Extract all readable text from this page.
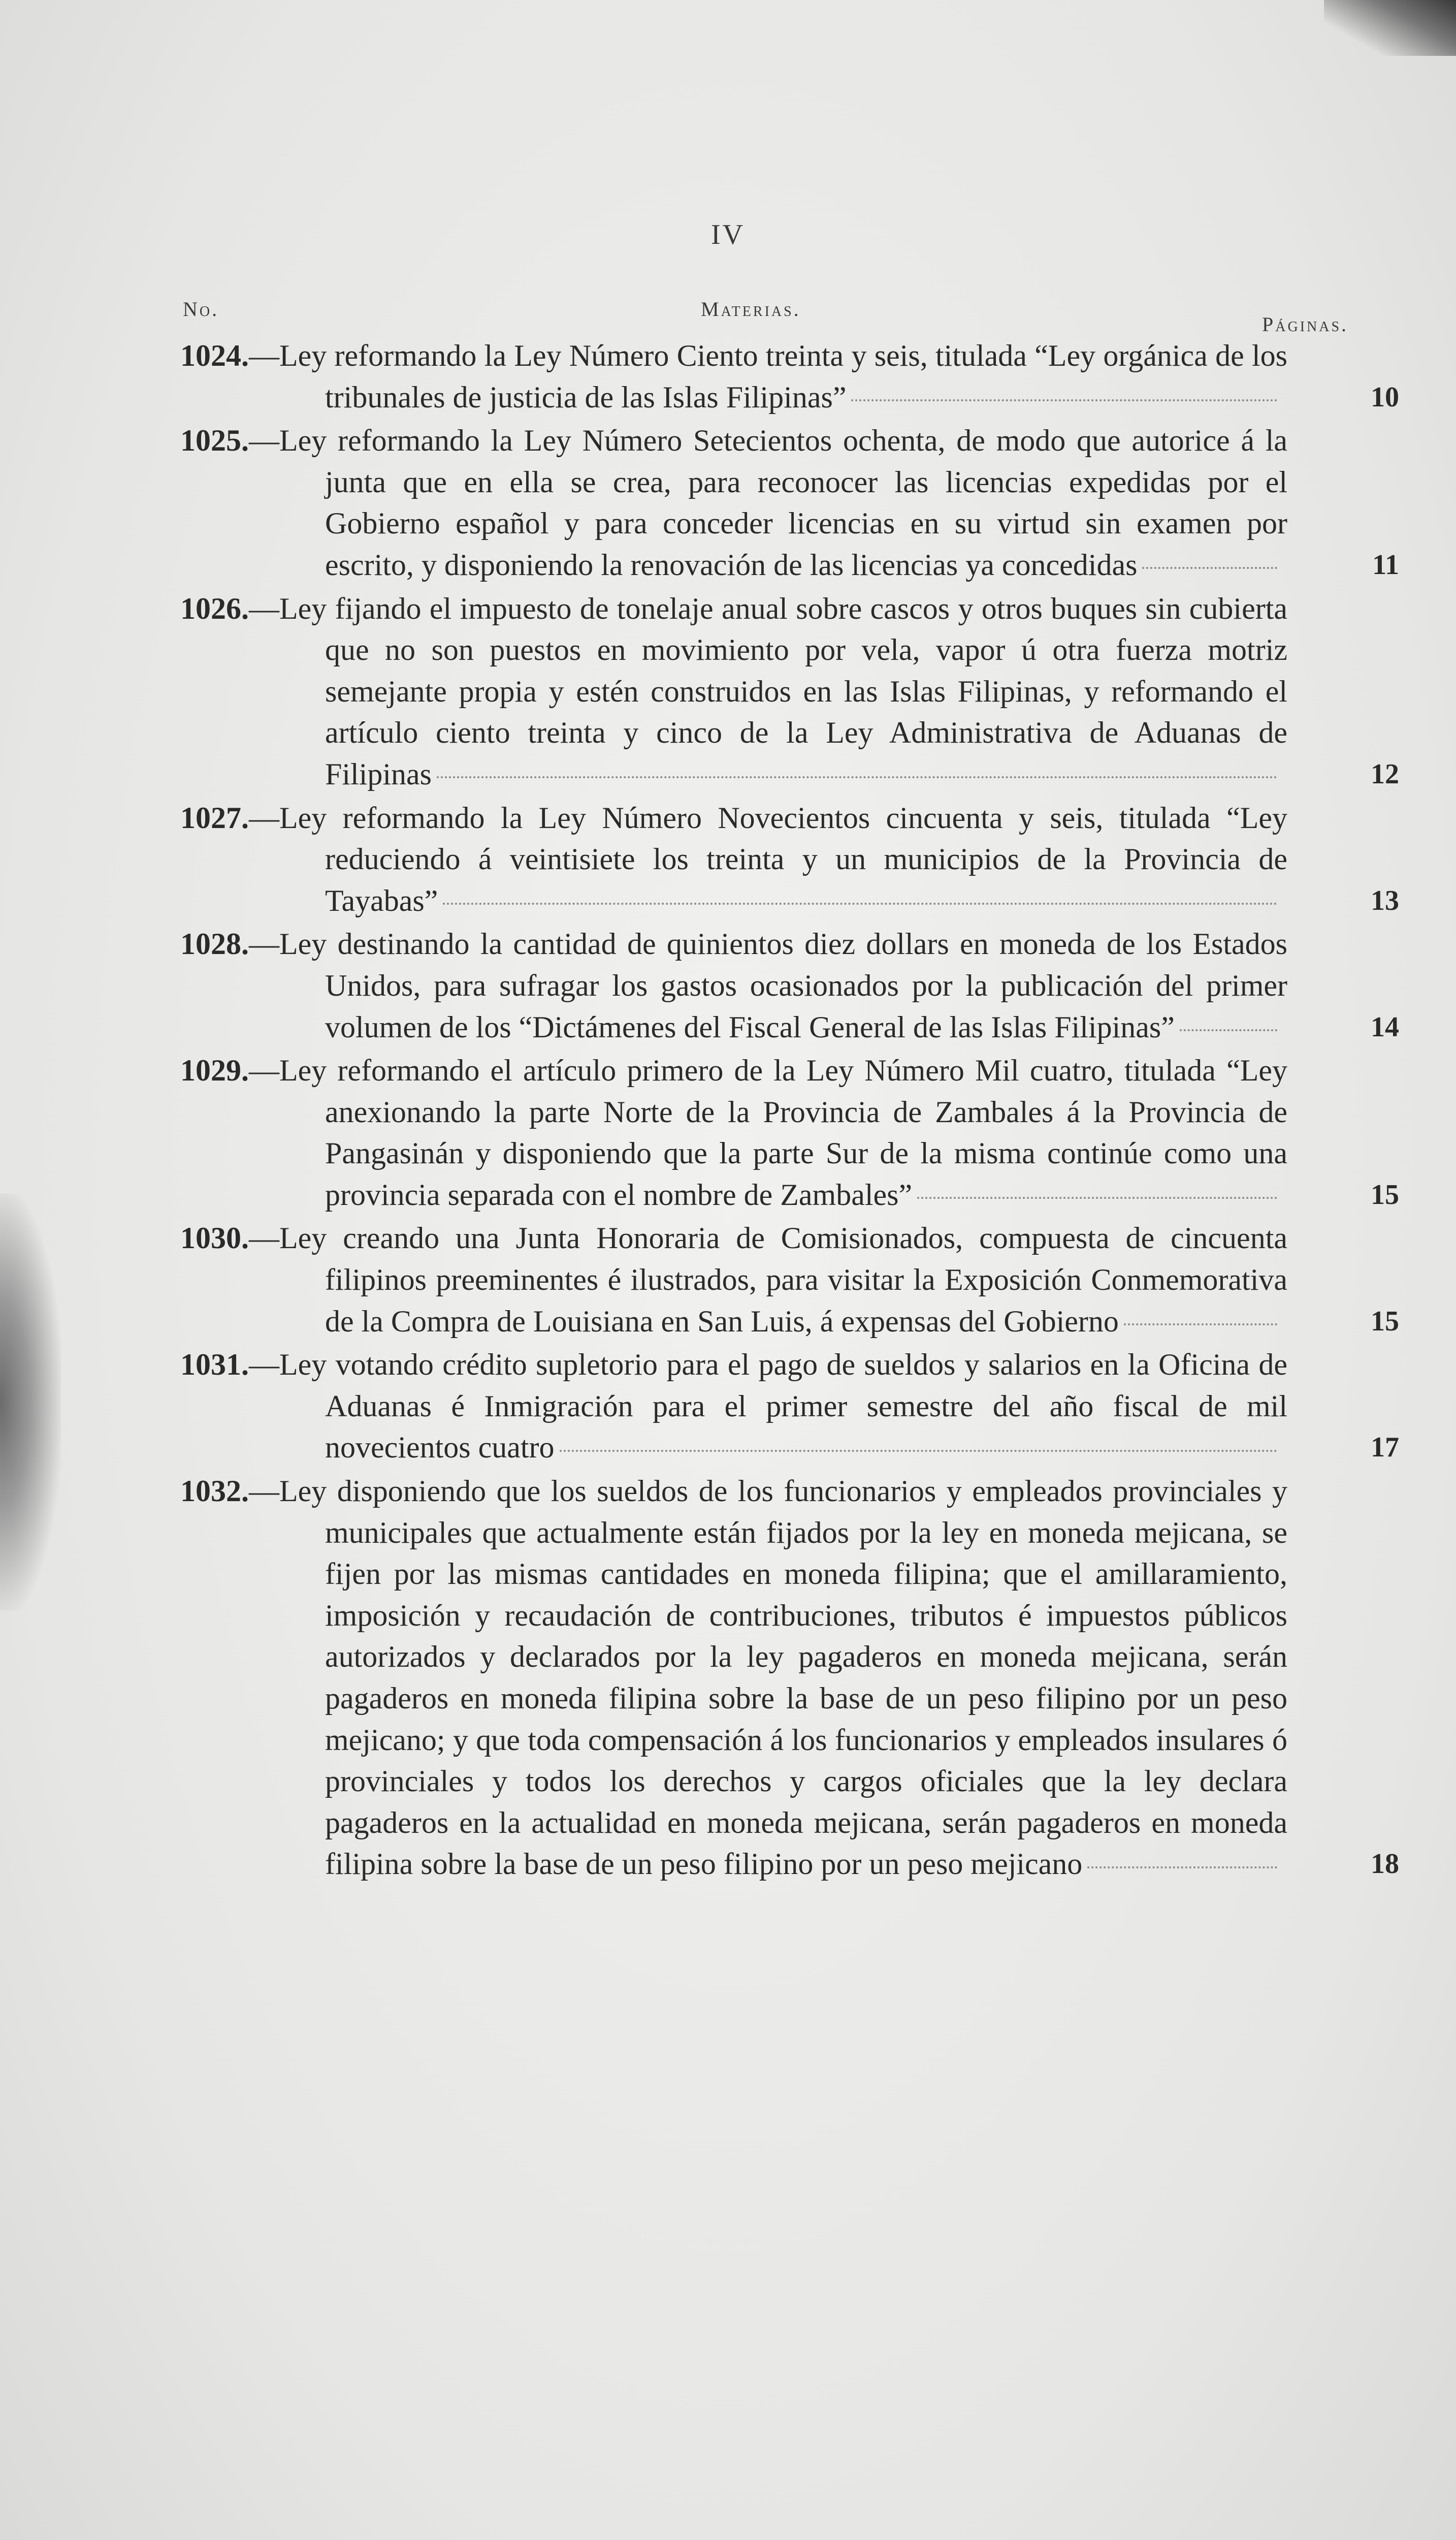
IV
No.	Materias.
Páginas.
1024.—Ley reformando la Ley Número Ciento treinta y seis, titulada “Ley orgánica de los tribunales de justicia de las Islas Filipinas”	10
1025.—Ley reformando la Ley Número Setecientos ochenta, de modo que autorice á la junta que en ella se crea, para reconocer las licencias expedidas por el Gobierno español y para conceder licencias en su virtud sin examen por escrito, y disponiendo la renovación de las licencias ya concedidas	11
1026.—Ley fijando el impuesto de tonelaje anual sobre cascos y otros buques sin cubierta que no son puestos en movimiento por vela, vapor ú otra fuerza motriz semejante propia y estén construidos en las Islas Filipinas, y reformando el artículo ciento treinta y cinco de la Ley Administrativa de Aduanas de Filipinas	12
1027.—Ley reformando la Ley Número Novecientos cincuenta y seis, titulada “Ley reduciendo á veintisiete los treinta y un municipios de la Provincia de Tayabas”	13
1028.—Ley destinando la cantidad de quinientos diez dollars en moneda de los Estados Unidos, para sufragar los gastos ocasionados por la publicación del primer volumen de los “Dictámenes del Fiscal General de las Islas Filipinas”	14
1029.—Ley reformando el artículo primero de la Ley Número Mil cuatro, titulada “Ley anexionando la parte Norte de la Provincia de Zambales á la Provincia de Pangasinán y disponiendo que la parte Sur de la misma continúe como una provincia separada con el nombre de Zambales”	15
1030.—Ley creando una Junta Honoraria de Comisionados, compuesta de cincuenta filipinos preeminentes é ilustrados, para visitar la Exposición Conmemorativa de la Compra de Louisiana en San Luis, á expensas del Gobierno	15
1031.—Ley votando crédito supletorio para el pago de sueldos y salarios en la Oficina de Aduanas é Inmigración para el primer semestre del año fiscal de mil novecientos cuatro	17
1032.—Ley disponiendo que los sueldos de los funcionarios y empleados provinciales y municipales que actualmente están fijados por la ley en moneda mejicana, se fijen por las mismas cantidades en moneda filipina; que el amillaramiento, imposición y recaudación de contribuciones, tributos é impuestos públicos autorizados y declarados por la ley pagaderos en moneda mejicana, serán pagaderos en moneda filipina sobre la base de un peso filipino por un peso mejicano; y que toda compensación á los funcionarios y empleados insulares ó provinciales y todos los derechos y cargos oficiales que la ley declara pagaderos en la actualidad en moneda mejicana, serán pagaderos en moneda filipina sobre la base de un peso filipino por un peso mejicano	18
